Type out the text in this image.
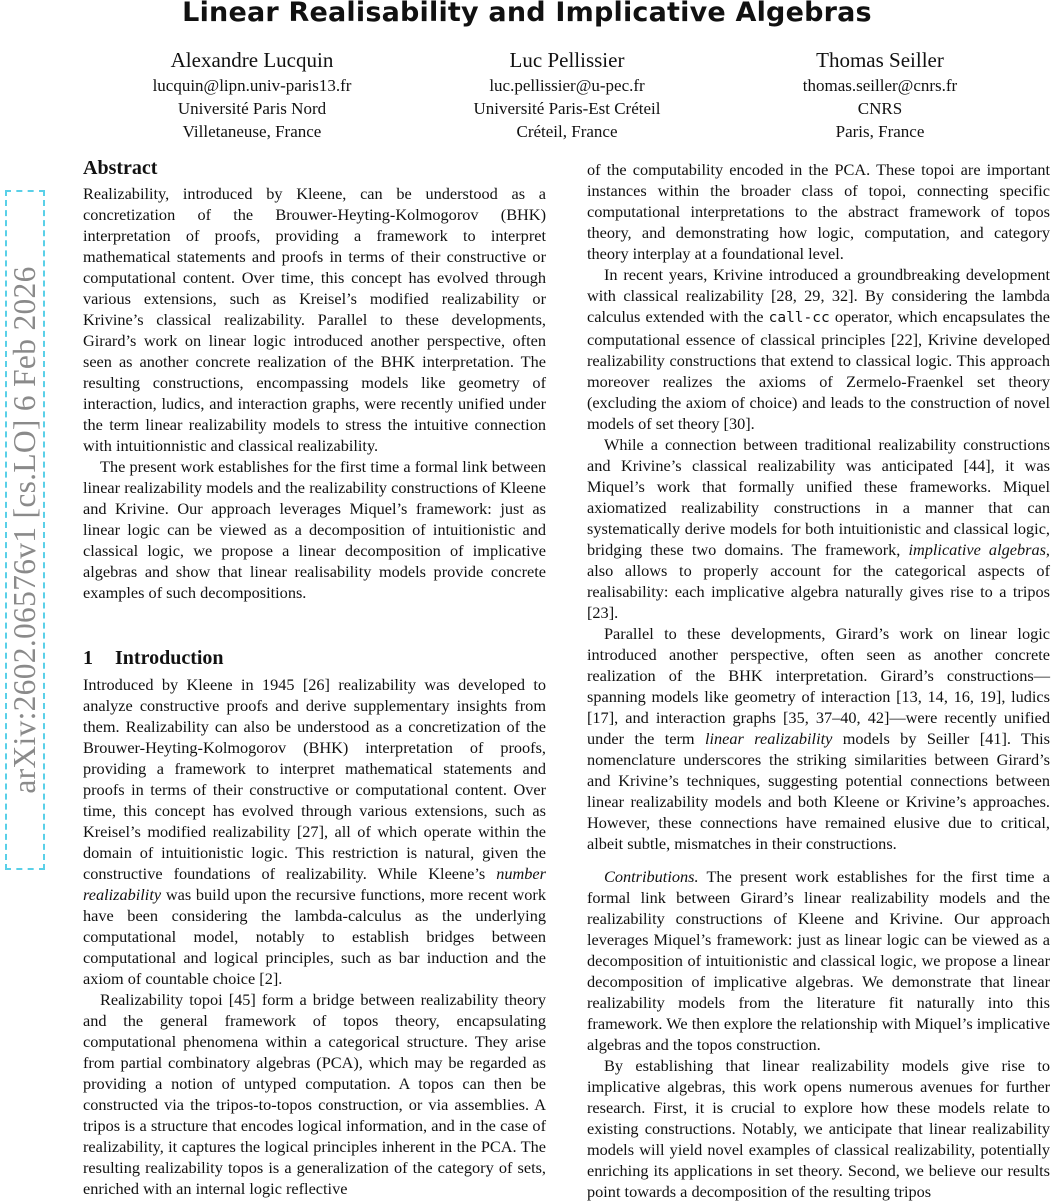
Linear Realisability and Implicative Algebras
Alexandre Lucquin
lucquin@lipn.univ-paris13.fr
Université Paris Nord
Villetaneuse, France
Luc Pellissier
luc.pellissier@u-pec.fr
Université Paris-Est Créteil
Créteil, France
Thomas Seiller
thomas.seiller@cnrs.fr
CNRS
Paris, France
arXiv:2602.06576v1 [cs.LO] 6 Feb 2026
Abstract

Realizability, introduced by Kleene, can be understood as a concretization of the Brouwer-Heyting-Kolmogorov (BHK) interpretation of proofs, providing a framework to interpret mathematical statements and proofs in terms of their constructive or computational content. Over time, this concept has evolved through various extensions, such as Kreisel’s modified realizability or Krivine’s classical realizability. Parallel to these developments, Girard’s work on linear logic introduced another perspective, often seen as another concrete realization of the BHK interpretation. The resulting constructions, encompassing models like geometry of interaction, ludics, and interaction graphs, were recently unified under the term linear realizability models to stress the intuitive connection with intuitionnistic and classical realizability.

The present work establishes for the first time a formal link between linear realizability models and the realizability constructions of Kleene and Krivine. Our approach leverages Miquel’s framework: just as linear logic can be viewed as a decomposition of intuitionistic and classical logic, we propose a linear decomposition of implicative algebras and show that linear realisability models provide concrete examples of such decompositions.

1 Introduction

Introduced by Kleene in 1945 [26] realizability was developed to analyze constructive proofs and derive supplementary insights from them. Realizability can also be understood as a concretization of the Brouwer-Heyting-Kolmogorov (BHK) interpretation of proofs, providing a framework to interpret mathematical statements and proofs in terms of their constructive or computational content. Over time, this concept has evolved through various extensions, such as Kreisel’s modified realizability [27], all of which operate within the domain of intuitionistic logic. This restriction is natural, given the constructive foundations of realizability. While Kleene’s number realizability was build upon the recursive functions, more recent work have been considering the lambda-calculus as the underlying computational model, notably to establish bridges between computational and logical principles, such as bar induction and the axiom of countable choice [2].

Realizability topoi [45] form a bridge between realizability theory and the general framework of topos theory, encapsulating computational phenomena within a categorical structure. They arise from partial combinatory algebras (PCA), which may be regarded as providing a notion of untyped computation. A topos can then be constructed via the tripos-to-topos construction, or via assemblies. A tripos is a structure that encodes logical information, and in the case of realizability, it captures the logical principles inherent in the PCA. The resulting realizability topos is a generalization of the category of sets, enriched with an internal logic reflective

of the computability encoded in the PCA. These topoi are important instances within the broader class of topoi, connecting specific computational interpretations to the abstract framework of topos theory, and demonstrating how logic, computation, and category theory interplay at a foundational level.

In recent years, Krivine introduced a groundbreaking development with classical realizability [28, 29, 32]. By considering the lambda calculus extended with the call-cc operator, which encapsulates the computational essence of classical principles [22], Krivine developed realizability constructions that extend to classical logic. This approach moreover realizes the axioms of Zermelo-Fraenkel set theory (excluding the axiom of choice) and leads to the construction of novel models of set theory [30].

While a connection between traditional realizability constructions and Krivine’s classical realizability was anticipated [44], it was Miquel’s work that formally unified these frameworks. Miquel axiomatized realizability constructions in a manner that can systematically derive models for both intuitionistic and classical logic, bridging these two domains. The framework, implicative algebras, also allows to properly account for the categorical aspects of realisability: each implicative algebra naturally gives rise to a tripos [23].

Parallel to these developments, Girard’s work on linear logic introduced another perspective, often seen as another concrete realization of the BHK interpretation. Girard’s constructions—spanning models like geometry of interaction [13, 14, 16, 19], ludics [17], and interaction graphs [35, 37–40, 42]—were recently unified under the term linear realizability models by Seiller [41]. This nomenclature underscores the striking similarities between Girard’s and Krivine’s techniques, suggesting potential connections between linear realizability models and both Kleene or Krivine’s approaches. However, these connections have remained elusive due to critical, albeit subtle, mismatches in their constructions.

Contributions. The present work establishes for the first time a formal link between Girard’s linear realizability models and the realizability constructions of Kleene and Krivine. Our approach leverages Miquel’s framework: just as linear logic can be viewed as a decomposition of intuitionistic and classical logic, we propose a linear decomposition of implicative algebras. We demonstrate that linear realizability models from the literature fit naturally into this framework. We then explore the relationship with Miquel’s implicative algebras and the topos construction.

By establishing that linear realizability models give rise to implicative algebras, this work opens numerous avenues for further research. First, it is crucial to explore how these models relate to existing constructions. Notably, we anticipate that linear realizability models will yield novel examples of classical realizability, potentially enriching its applications in set theory. Second, we believe our results point towards a decomposition of the resulting tripos
